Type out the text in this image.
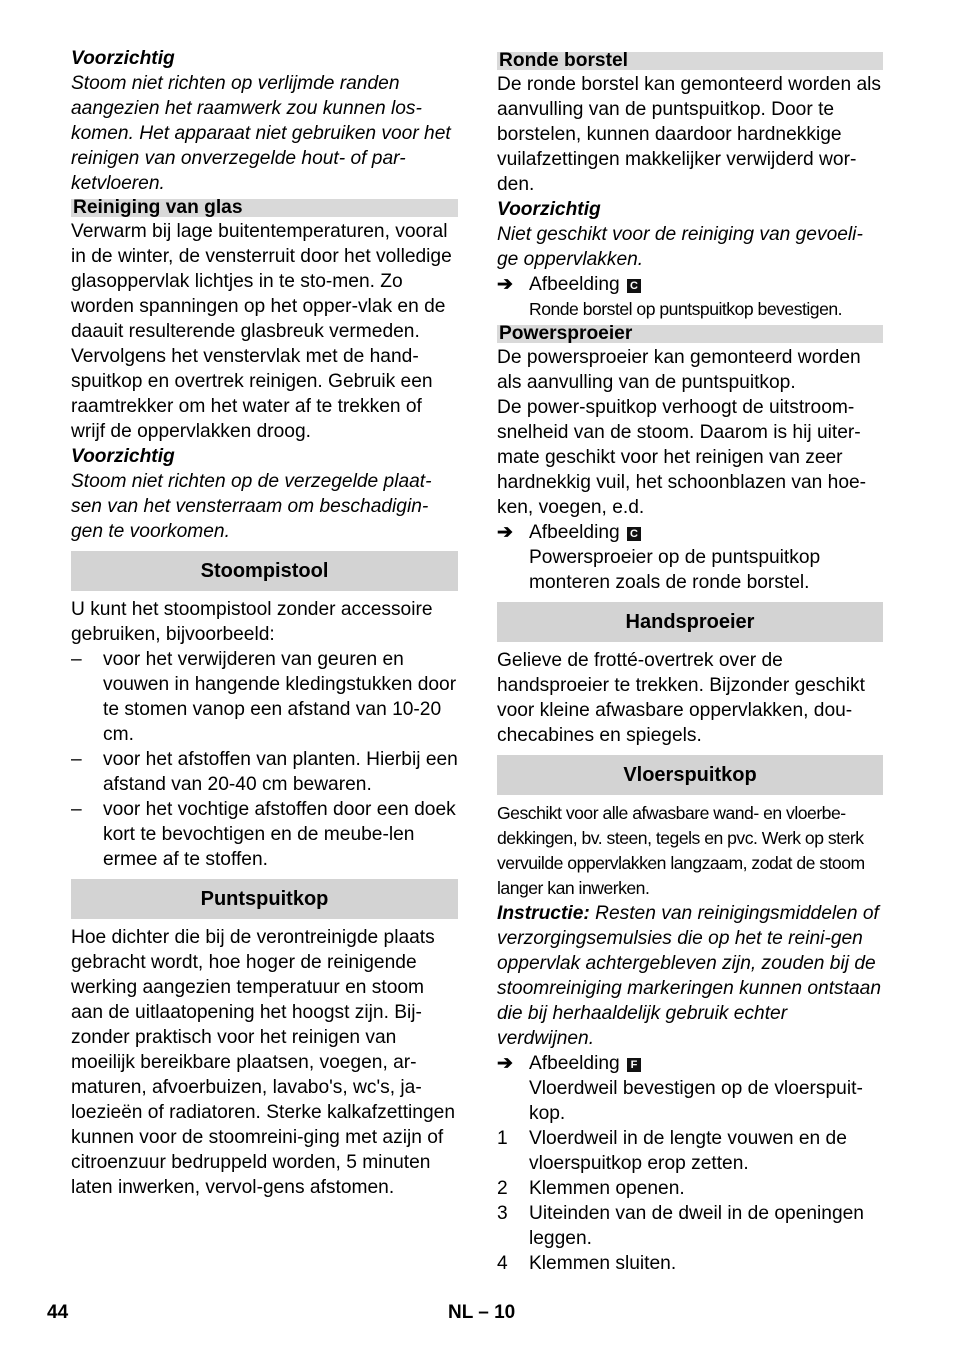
Voorzichtig

Stoom niet richten op verlijmde randen aangezien het raamwerk zou kunnen los-komen. Het apparaat niet gebruiken voor het reinigen van onverzegelde hout- of par-ketvloeren.

Reiniging van glas

Verwarm bij lage buitentemperaturen, vooral in de winter, de vensterruit door het volledige glasoppervlak lichtjes in te sto-men. Zo worden spanningen op het opper-vlak en de daauit resulterende glasbreuk vermeden.

Vervolgens het venstervlak met de hand-spuitkop en overtrek reinigen. Gebruik een raamtrekker om het water af te trekken of wrijf de oppervlakken droog.

Voorzichtig

Stoom niet richten op de verzegelde plaat-sen van het vensterraam om beschadigin-gen te voorkomen.

Stoompistool

U kunt het stoompistool zonder accessoire gebruiken, bijvoorbeeld:

– voor het verwijderen van geuren en vouwen in hangende kledingstukken door te stomen vanop een afstand van 10-20 cm.
– voor het afstoffen van planten. Hierbij een afstand van 20-40 cm bewaren.
– voor het vochtige afstoffen door een doek kort te bevochtigen en de meube-len ermee af te stoffen.
Puntspuitkop

Hoe dichter die bij de verontreinigde plaats gebracht wordt, hoe hoger de reinigende werking aangezien temperatuur en stoom aan de uitlaatopening het hoogst zijn. Bij-zonder praktisch voor het reinigen van moeilijk bereikbare plaatsen, voegen, ar-maturen, afvoerbuizen, lavabo's, wc's, ja-loezieën of radiatoren. Sterke kalkafzettingen kunnen voor de stoomreini-ging met azijn of citroenzuur bedruppeld worden, 5 minuten laten inwerken, vervol-gens afstomen.

Ronde borstel

De ronde borstel kan gemonteerd worden als aanvulling van de puntspuitkop. Door te borstelen, kunnen daardoor hardnekkige vuilafzettingen makkelijker verwijderd wor-den.

Voorzichtig

Niet geschikt voor de reiniging van gevoeli-ge oppervlakken.

➔ Afbeelding C

Ronde borstel op puntspuitkop bevestigen.

Powersproeier

De powersproeier kan gemonteerd worden als aanvulling van de puntspuitkop.

De power-spuitkop verhoogt de uitstroom-snelheid van de stoom. Daarom is hij uiter-mate geschikt voor het reinigen van zeer hardnekkig vuil, het schoonblazen van hoe-ken, voegen, e.d.

➔ Afbeelding C

Powersproeier op de puntspuitkop monteren zoals de ronde borstel.

Handsproeier

Gelieve de frotté-overtrek over de handsproeier te trekken. Bijzonder geschikt voor kleine afwasbare oppervlakken, dou-checabines en spiegels.

Vloerspuitkop

Geschikt voor alle afwasbare wand- en vloerbe-dekkingen, bv. steen, tegels en pvc. Werk op sterk vervuilde oppervlakken langzaam, zodat de stoom langer kan inwerken.

Instructie: Resten van reinigingsmiddelen of verzorgingsemulsies die op het te reini-gen oppervlak achtergebleven zijn, zouden bij de stoomreiniging markeringen kunnen ontstaan die bij herhaaldelijk gebruik echter verdwijnen.

➔ Afbeelding F

Vloerdweil bevestigen op de vloerspuit-kop.

1 Vloerdweil in de lengte vouwen en de vloerspuitkop erop zetten.
2 Klemmen openen.
3 Uiteinden van de dweil in de openingen leggen.
4 Klemmen sluiten.
44	NL – 10
